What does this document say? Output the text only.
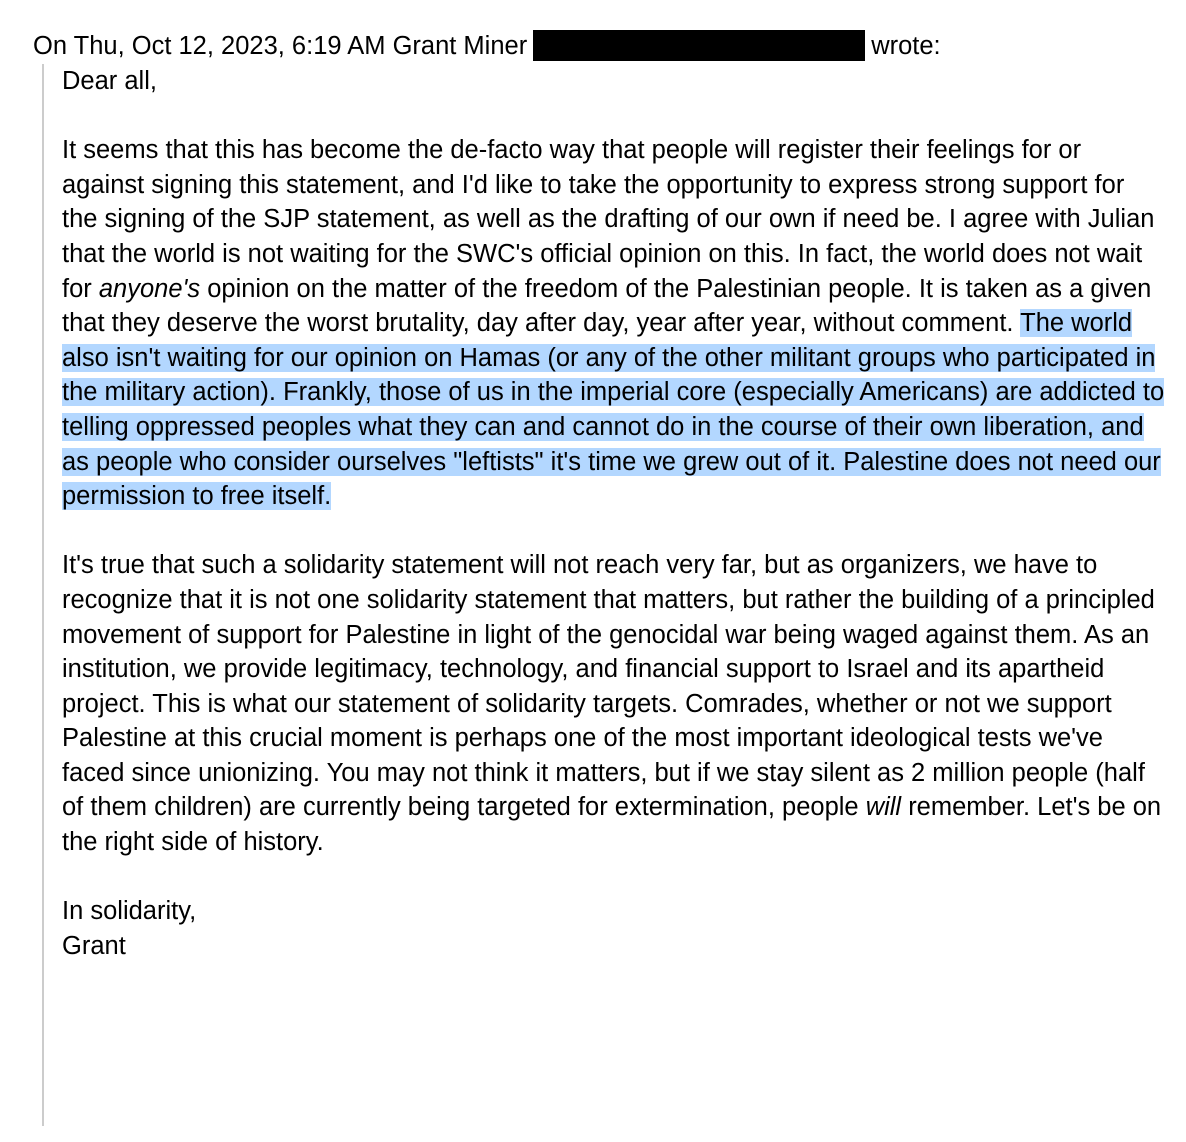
On Thu, Oct 12, 2023, 6:19 AM Grant Miner	wrote:
Dear all,
It seems that this has become the de-facto way that people will register their feelings for or against signing this statement, and I'd like to take the opportunity to express strong support for the signing of the SJP statement, as well as the drafting of our own if need be. I agree with Julian that the world is not waiting for the SWC's official opinion on this. In fact, the world does not wait for anyone's opinion on the matter of the freedom of the Palestinian people. It is taken as a given that they deserve the worst brutality, day after day, year after year, without comment. The world also isn't waiting for our opinion on Hamas (or any of the other militant groups who participated in the military action). Frankly, those of us in the imperial core (especially Americans) are addicted to telling oppressed peoples what they can and cannot do in the course of their own liberation, and as people who consider ourselves "leftists" it's time we grew out of it. Palestine does not need our permission to free itself.
It's true that such a solidarity statement will not reach very far, but as organizers, we have to recognize that it is not one solidarity statement that matters, but rather the building of a principled movement of support for Palestine in light of the genocidal war being waged against them. As an institution, we provide legitimacy, technology, and financial support to Israel and its apartheid project. This is what our statement of solidarity targets. Comrades, whether or not we support Palestine at this crucial moment is perhaps one of the most important ideological tests we've faced since unionizing. You may not think it matters, but if we stay silent as 2 million people (half of them children) are currently being targeted for extermination, people will remember. Let's be on the right side of history.
In solidarity,
Grant
